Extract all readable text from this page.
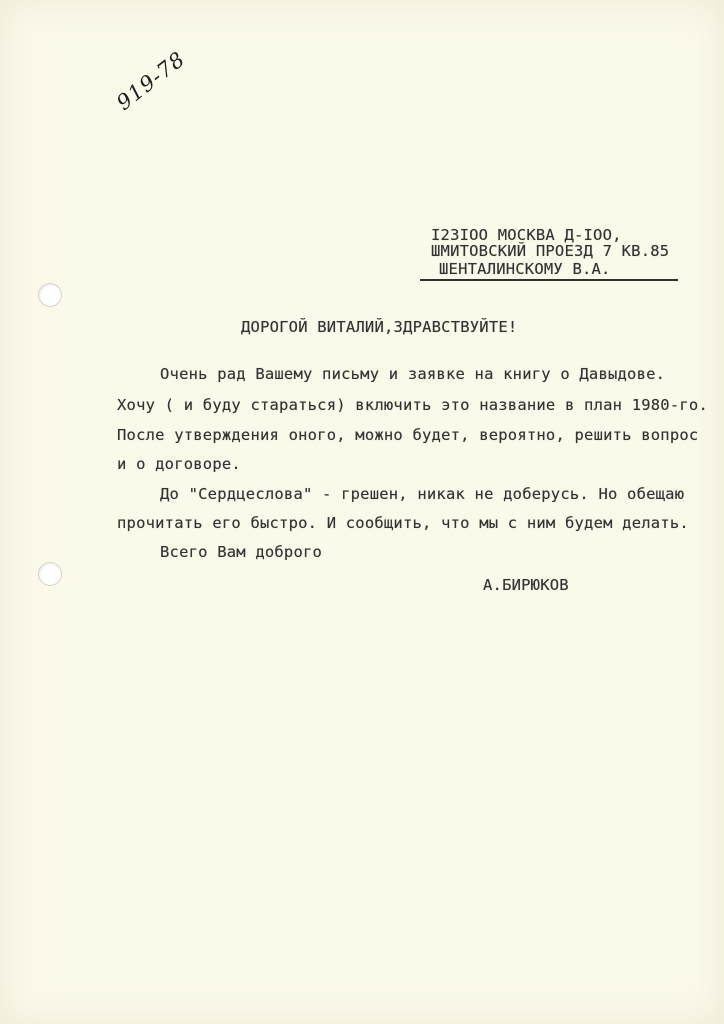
919-78
I23IOO МОСКВА Д-IOO,
ШМИТОВСКИЙ ПРОЕЗД 7 КВ.85
ШЕНТАЛИНСКОМУ В.А.
ДОРОГОЙ ВИТАЛИЙ,ЗДРАВСТВУЙТЕ!
Очень рад Вашему письму и заявке на книгу о Давыдове.
Хочу ( и буду стараться) включить это название в план 1980-го.
После утверждения оного, можно будет, вероятно, решить вопрос
и о договоре.
До "Сердцеслова" - грешен, никак не доберусь. Но обещаю
прочитать его быстро. И сообщить, что мы с ним будем делать.
Всего Вам доброго
А.БИРЮКОВ
